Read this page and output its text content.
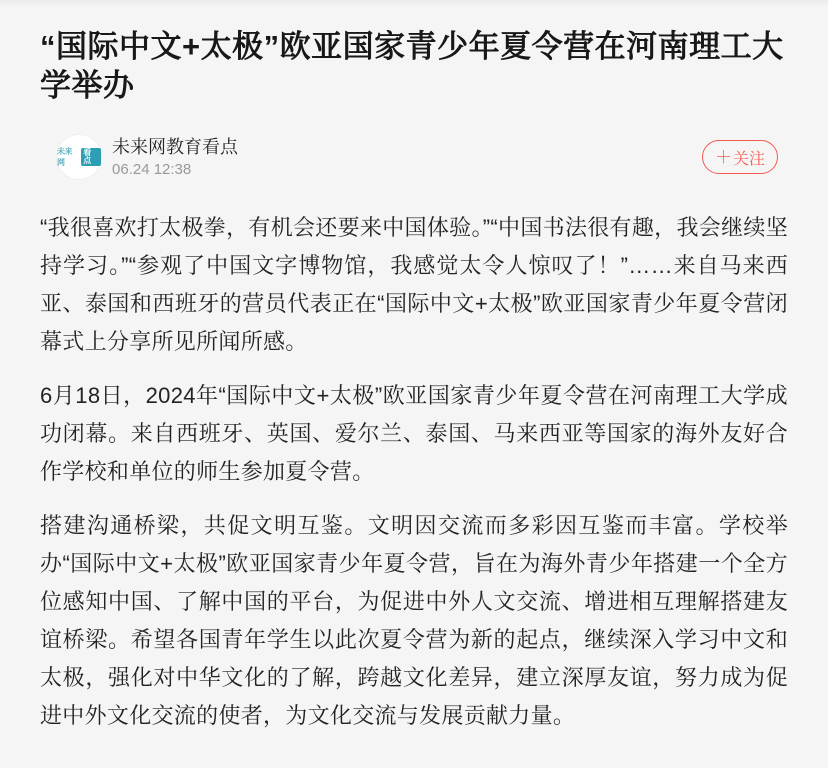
“国际中文+太极”欧亚国家青少年夏令营在河南理工大学举办
未来网
看点
未来网教育看点
06.24 12:38
＋ 关注

“我很喜欢打太极拳，有机会还要来中国体验。”“中国书法很有趣，我会继续坚持学习。”“参观了中国文字博物馆，我感觉太令人惊叹了！”……来自马来西亚、泰国和西班牙的营员代表正在“国际中文+太极”欧亚国家青少年夏令营闭幕式上分享所见所闻所感。

6月18日，2024年“国际中文+太极”欧亚国家青少年夏令营在河南理工大学成功闭幕。来自西班牙、英国、爱尔兰、泰国、马来西亚等国家的海外友好合作学校和单位的师生参加夏令营。

搭建沟通桥梁，共促文明互鉴。文明因交流而多彩因互鉴而丰富。学校举办“国际中文+太极”欧亚国家青少年夏令营，旨在为海外青少年搭建一个全方位感知中国、了解中国的平台，为促进中外人文交流、增进相互理解搭建友谊桥梁。希望各国青年学生以此次夏令营为新的起点，继续深入学习中文和太极，强化对中华文化的了解，跨越文化差异，建立深厚友谊，努力成为促进中外文化交流的使者，为文化交流与发展贡献力量。
